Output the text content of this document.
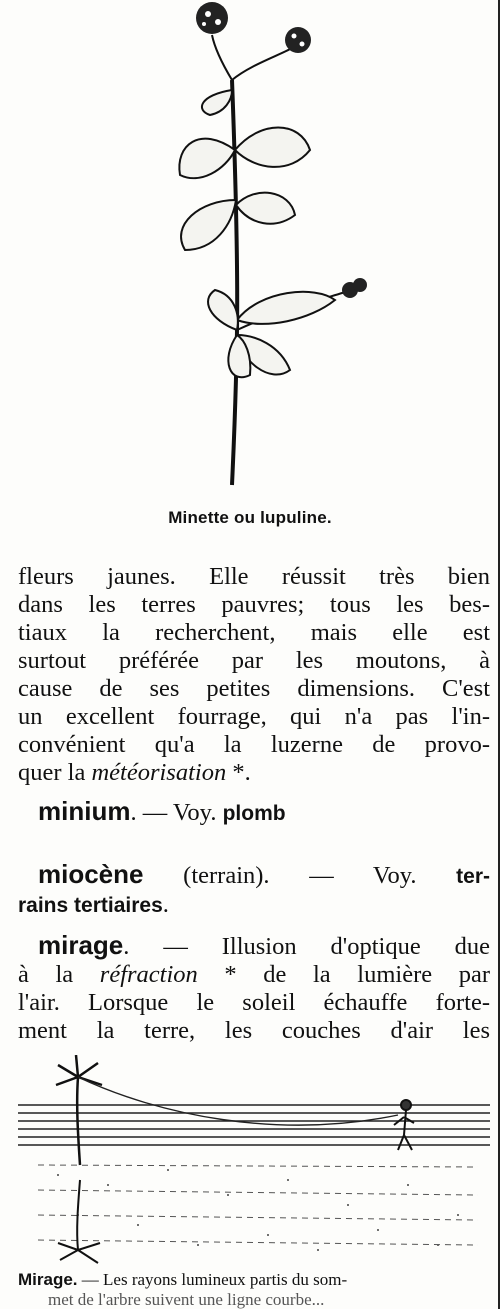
Minette ou lupuline.
fleurs jaunes. Elle réussit très bien
dans les terres pauvres; tous les bes-
tiaux la recherchent, mais elle est
surtout préférée par les moutons, à
cause de ses petites dimensions. C'est
un excellent fourrage, qui n'a pas l'in-
convénient qu'a la luzerne de provo-
quer la météorisation *.
minium. — Voy. plomb
miocène (terrain). — Voy. ter-
rains tertiaires.
mirage. — Illusion d'optique due
à la réfraction * de la lumière par
l'air. Lorsque le soleil échauffe forte-
ment la terre, les couches d'air les
Mirage. — Les rayons lumineux partis du som-
met de l'arbre suivent une ligne courbe...
